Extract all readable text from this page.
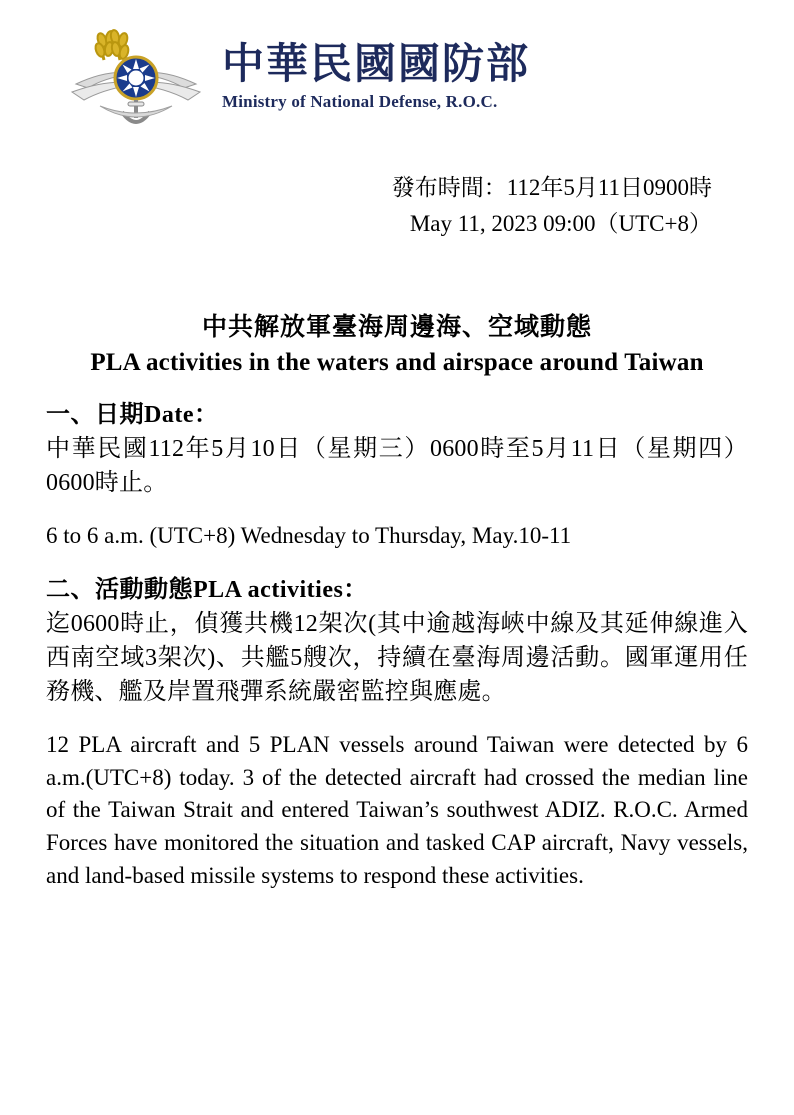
中華民國國防部
Ministry of National Defense, R.O.C.
發布時間：112年5月11日0900時
May 11, 2023 09:00（UTC+8）
中共解放軍臺海周邊海、空域動態
PLA activities in the waters and airspace around Taiwan
一、日期Date：
中華民國112年5月10日（星期三）0600時至5月11日（星期四）0600時止。
6 to 6 a.m. (UTC+8) Wednesday to Thursday, May.10-11
二、活動動態PLA activities：
迄0600時止，偵獲共機12架次(其中逾越海峽中線及其延伸線進入西南空域3架次)、共艦5艘次，持續在臺海周邊活動。國軍運用任務機、艦及岸置飛彈系統嚴密監控與應處。
12 PLA aircraft and 5 PLAN vessels around Taiwan were detected by 6 a.m.(UTC+8) today. 3 of the detected aircraft had crossed the median line of the Taiwan Strait and entered Taiwan’s southwest ADIZ. R.O.C. Armed Forces have monitored the situation and tasked CAP aircraft, Navy vessels, and land-based missile systems to respond these activities.
